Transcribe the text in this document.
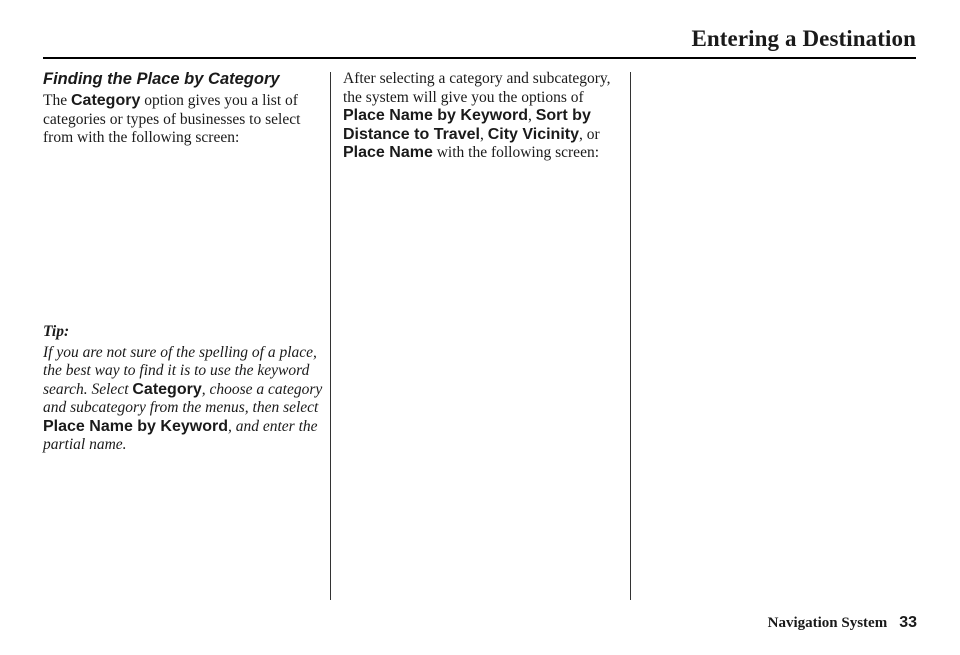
Entering a Destination
Finding the Place by Category

The Category option gives you a list of categories or types of businesses to select from with the following screen:

Tip:

If you are not sure of the spelling of a place, the best way to find it is to use the keyword search. Select Category, choose a category and subcategory from the menus, then select Place Name by Keyword, and enter the partial name.

After selecting a category and subcategory, the system will give you the options of Place Name by Keyword, Sort by Distance to Travel, City Vicinity, or Place Name with the following screen:

Navigation System 33
